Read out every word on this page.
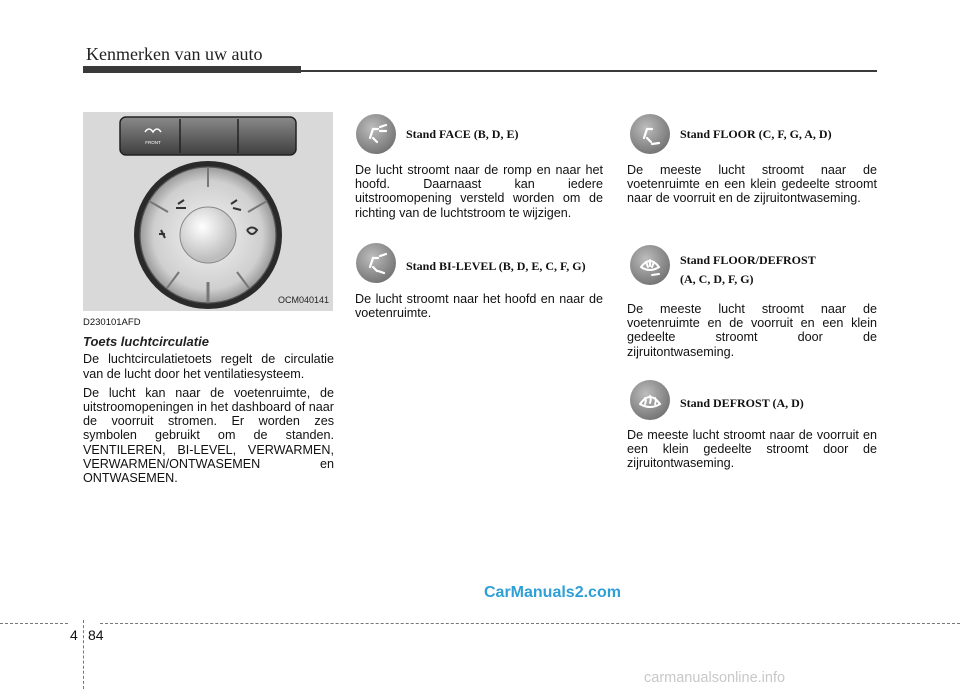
Kenmerken van uw auto
FRONT
OCM040141
D230101AFD
Toets luchtcirculatie

De luchtcirculatietoets regelt de circulatie van de lucht door het ventilatiesysteem.

De lucht kan naar de voetenruimte, de uitstroomopeningen in het dashboard of naar de voorruit stromen. Er worden zes symbolen gebruikt om de standen. VENTILEREN, BI-LEVEL, VERWARMEN, VERWARMEN/ONTWASEMEN en ONTWASEMEN.

Stand FACE (B, D, E)

De lucht stroomt naar de romp en naar het hoofd. Daarnaast kan iedere uitstroomopening versteld worden om de richting van de luchtstroom te wijzigen.

Stand BI-LEVEL (B, D, E, C, F, G)

De lucht stroomt naar het hoofd en naar de voetenruimte.

Stand FLOOR (C, F, G, A, D)

De meeste lucht stroomt naar de voetenruimte en een klein gedeelte stroomt naar de voorruit en de zijruitontwaseming.

Stand FLOOR/DEFROST
(A, C, D, F, G)

De meeste lucht stroomt naar de voetenruimte en de voorruit en een klein gedeelte stroomt door de zijruitontwaseming.

Stand DEFROST (A, D)

De meeste lucht stroomt naar de voorruit en een klein gedeelte stroomt door de zijruitontwaseming.

CarManuals2.com
4 84
carmanualsonline.info
